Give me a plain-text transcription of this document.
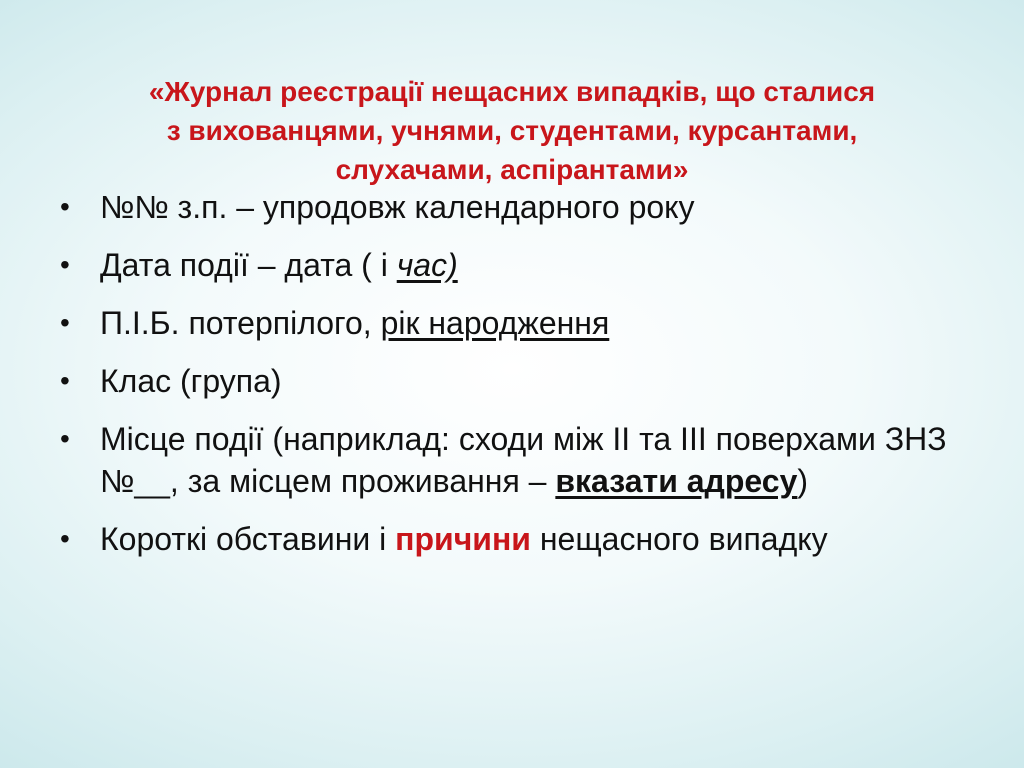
«Журнал реєстрації нещасних випадків, що сталися
з вихованцями, учнями, студентами, курсантами,
слухачами, аспірантами»
• №№ з.п. – упродовж календарного року
• Дата події – дата ( і час)
• П.І.Б. потерпілого, рік народження
• Клас (група)
• Місце події (наприклад: сходи між ІІ та ІІІ поверхами ЗНЗ №__, за місцем проживання – вказати адресу)
• Короткі обставини і причини нещасного випадку
